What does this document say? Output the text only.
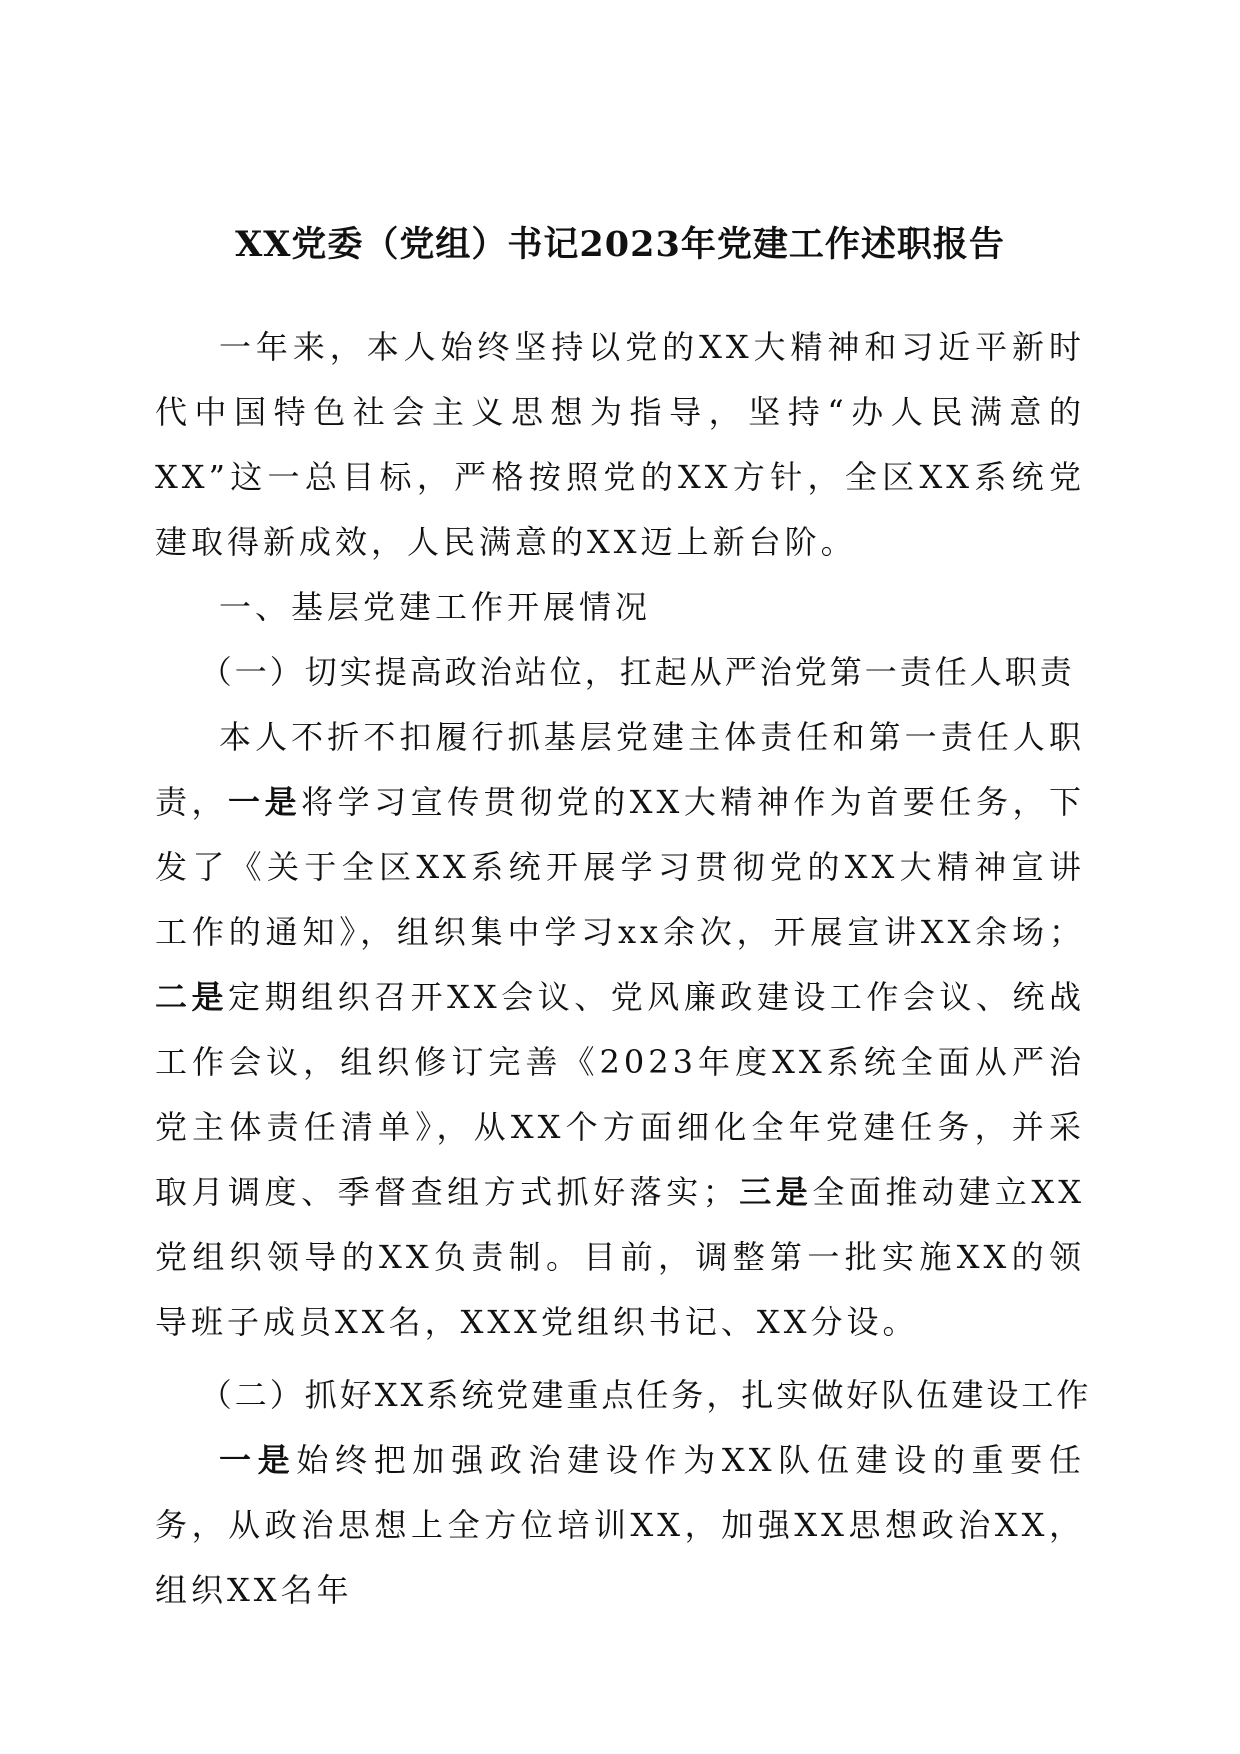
XX党委（党组）书记2023年党建工作述职报告

一年来，本人始终坚持以党的XX大精神和习近平新时代中国特色社会主义思想为指导，坚持“办人民满意的XX”这一总目标，严格按照党的XX方针，全区XX系统党建取得新成效，人民满意的XX迈上新台阶。

一、基层党建工作开展情况

（一）切实提高政治站位，扛起从严治党第一责任人职责

本人不折不扣履行抓基层党建主体责任和第一责任人职责，一是将学习宣传贯彻党的XX大精神作为首要任务，下发了《关于全区XX系统开展学习贯彻党的XX大精神宣讲工作的通知》，组织集中学习xx余次，开展宣讲XX余场；二是定期组织召开XX会议、党风廉政建设工作会议、统战工作会议，组织修订完善《2023年度XX系统全面从严治党主体责任清单》，从XX个方面细化全年党建任务，并采取月调度、季督查组方式抓好落实；三是全面推动建立XX党组织领导的XX负责制。目前，调整第一批实施XX的领导班子成员XX名，XXX党组织书记、XX分设。

（二）抓好XX系统党建重点任务，扎实做好队伍建设工作

一是始终把加强政治建设作为XX队伍建设的重要任务，从政治思想上全方位培训XX，加强XX思想政治XX，组织XX名年
